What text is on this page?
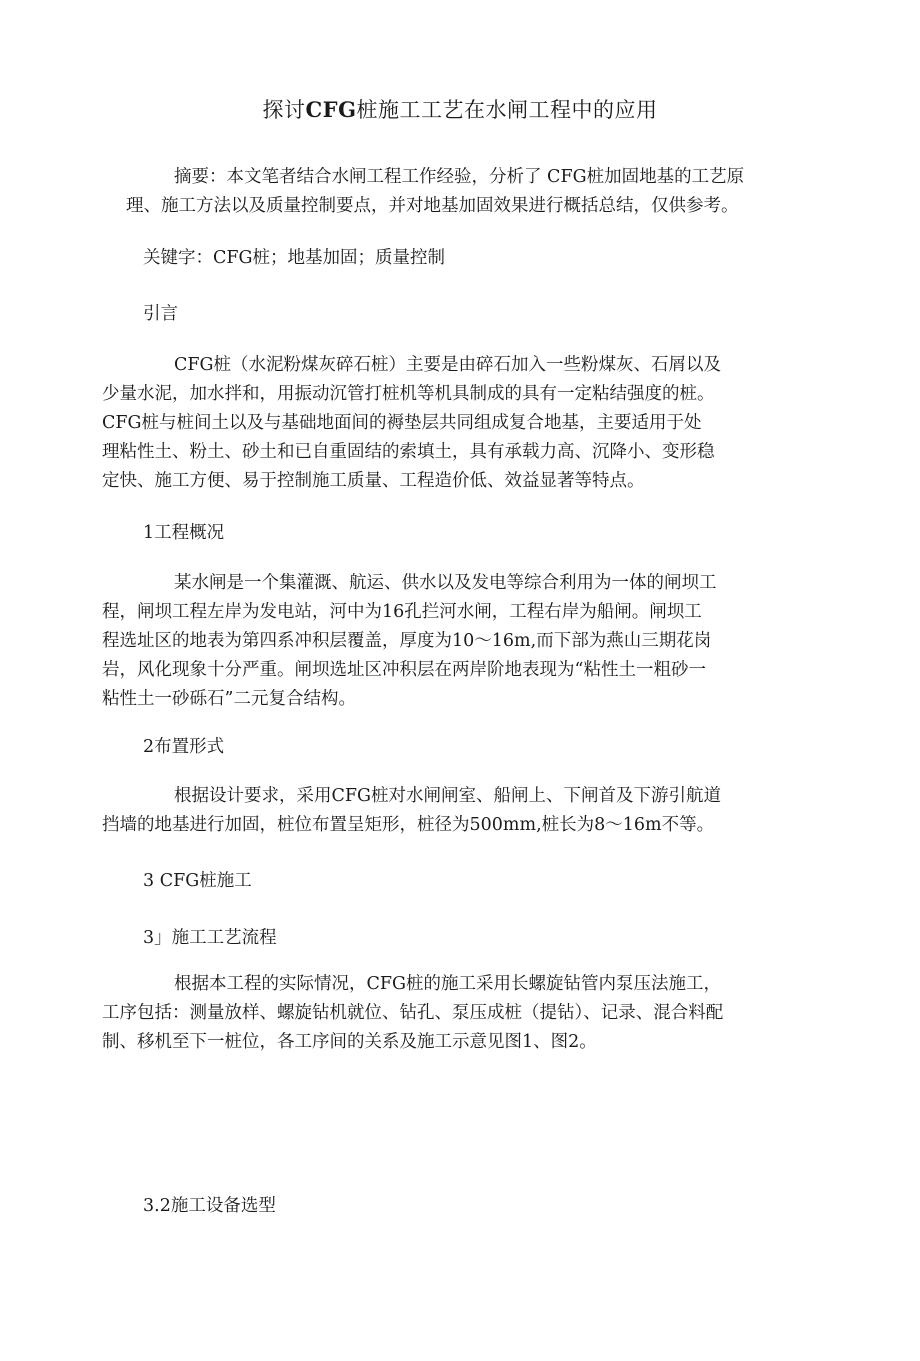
探讨CFG桩施工工艺在水闸工程中的应用

摘要：本文笔者结合水闸工程工作经验，分析了 CFG桩加固地基的工艺原
理、施工方法以及质量控制要点，并对地基加固效果进行概括总结，仅供参考。

关键字：CFG桩；地基加固；质量控制

引言

CFG桩（水泥粉煤灰碎石桩）主要是由碎石加入一些粉煤灰、石屑以及
少量水泥，加水拌和，用振动沉管打桩机等机具制成的具有一定粘结强度的桩。
CFG桩与桩间土以及与基础地面间的褥垫层共同组成复合地基，主要适用于处
理粘性土、粉土、砂土和已自重固结的索填土，具有承载力高、沉降小、变形稳
定快、施工方便、易于控制施工质量、工程造价低、效益显著等特点。

1工程概况

某水闸是一个集灌溉、航运、供水以及发电等综合利用为一体的闸坝工
程，闸坝工程左岸为发电站，河中为16孔拦河水闸，工程右岸为船闸。闸坝工
程选址区的地表为第四系冲积层覆盖，厚度为10～16m,而下部为燕山三期花岗
岩，风化现象十分严重。闸坝选址区冲积层在两岸阶地表现为“粘性土一粗砂一
粘性土一砂砾石”二元复合结构。

2布置形式

根据设计要求，采用CFG桩对水闸闸室、船闸上、下闸首及下游引航道
挡墙的地基进行加固，桩位布置呈矩形，桩径为500mm,桩长为8～16m不等。

3 CFG桩施工

3」施工工艺流程

根据本工程的实际情况，CFG桩的施工采用长螺旋钻管内泵压法施工，
工序包括：测量放样、螺旋钻机就位、钻孔、泵压成桩（提钻）、记录、混合料配
制、移机至下一桩位，各工序间的关系及施工示意见图1、图2。

3.2施工设备选型
